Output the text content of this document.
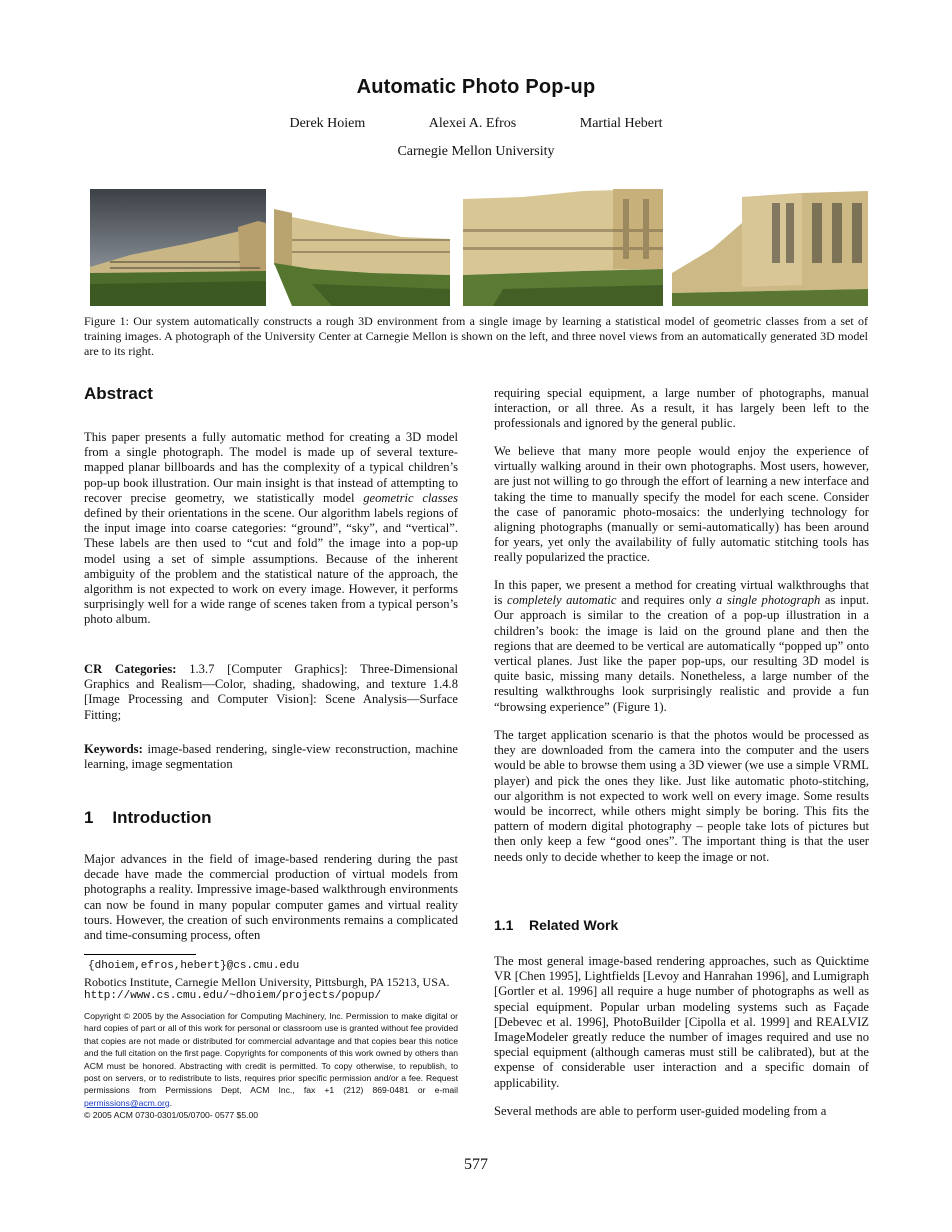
Automatic Photo Pop-up
Derek Hoiem	Alexei A. Efros	Martial Hebert
Carnegie Mellon University
Figure 1: Our system automatically constructs a rough 3D environment from a single image by learning a statistical model of geometric classes from a set of training images. A photograph of the University Center at Carnegie Mellon is shown on the left, and three novel views from an automatically generated 3D model are to its right.
Abstract

This paper presents a fully automatic method for creating a 3D model from a single photograph. The model is made up of several texture-mapped planar billboards and has the complexity of a typical children’s pop-up book illustration. Our main insight is that instead of attempting to recover precise geometry, we statistically model geometric classes defined by their orientations in the scene. Our algorithm labels regions of the input image into coarse categories: “ground”, “sky”, and “vertical”. These labels are then used to “cut and fold” the image into a pop-up model using a set of simple assumptions. Because of the inherent ambiguity of the problem and the statistical nature of the approach, the algorithm is not expected to work on every image. However, it performs surprisingly well for a wide range of scenes taken from a typical person’s photo album.

CR Categories: 1.3.7 [Computer Graphics]: Three-Dimensional Graphics and Realism—Color, shading, shadowing, and texture 1.4.8 [Image Processing and Computer Vision]: Scene Analysis—Surface Fitting;

Keywords: image-based rendering, single-view reconstruction, machine learning, image segmentation

1    Introduction

Major advances in the field of image-based rendering during the past decade have made the commercial production of virtual models from photographs a reality. Impressive image-based walkthrough environments can now be found in many popular computer games and virtual reality tours. However, the creation of such environments remains a complicated and time-consuming process, often

{dhoiem,efros,hebert}@cs.cmu.edu
Robotics Institute, Carnegie Mellon University, Pittsburgh, PA 15213, USA.
http://www.cs.cmu.edu/~dhoiem/projects/popup/
Copyright © 2005 by the Association for Computing Machinery, Inc. Permission to make digital or hard copies of part or all of this work for personal or classroom use is granted without fee provided that copies are not made or distributed for commercial advantage and that copies bear this notice and the full citation on the first page. Copyrights for components of this work owned by others than ACM must be honored. Abstracting with credit is permitted. To copy otherwise, to republish, to post on servers, or to redistribute to lists, requires prior specific permission and/or a fee. Request permissions from Permissions Dept, ACM Inc., fax +1 (212) 869-0481 or e-mail permissions@acm.org.
© 2005 ACM 0730-0301/05/0700- 0577 $5.00

requiring special equipment, a large number of photographs, manual interaction, or all three. As a result, it has largely been left to the professionals and ignored by the general public.

We believe that many more people would enjoy the experience of virtually walking around in their own photographs. Most users, however, are just not willing to go through the effort of learning a new interface and taking the time to manually specify the model for each scene. Consider the case of panoramic photo-mosaics: the underlying technology for aligning photographs (manually or semi-automatically) has been around for years, yet only the availability of fully automatic stitching tools has really popularized the practice.

In this paper, we present a method for creating virtual walkthroughs that is completely automatic and requires only a single photograph as input. Our approach is similar to the creation of a pop-up illustration in a children’s book: the image is laid on the ground plane and then the regions that are deemed to be vertical are automatically “popped up” onto vertical planes. Just like the paper pop-ups, our resulting 3D model is quite basic, missing many details. Nonetheless, a large number of the resulting walkthroughs look surprisingly realistic and provide a fun “browsing experience” (Figure 1).

The target application scenario is that the photos would be processed as they are downloaded from the camera into the computer and the users would be able to browse them using a 3D viewer (we use a simple VRML player) and pick the ones they like. Just like automatic photo-stitching, our algorithm is not expected to work well on every image. Some results would be incorrect, while others might simply be boring. This fits the pattern of modern digital photography – people take lots of pictures but then only keep a few “good ones”. The important thing is that the user needs only to decide whether to keep the image or not.

1.1    Related Work

The most general image-based rendering approaches, such as Quicktime VR [Chen 1995], Lightfields [Levoy and Hanrahan 1996], and Lumigraph [Gortler et al. 1996] all require a huge number of photographs as well as special equipment. Popular urban modeling systems such as Façade [Debevec et al. 1996], PhotoBuilder [Cipolla et al. 1999] and REALVIZ ImageModeler greatly reduce the number of images required and use no special equipment (although cameras must still be calibrated), but at the expense of considerable user interaction and a specific domain of applicability.

Several methods are able to perform user-guided modeling from a

577
